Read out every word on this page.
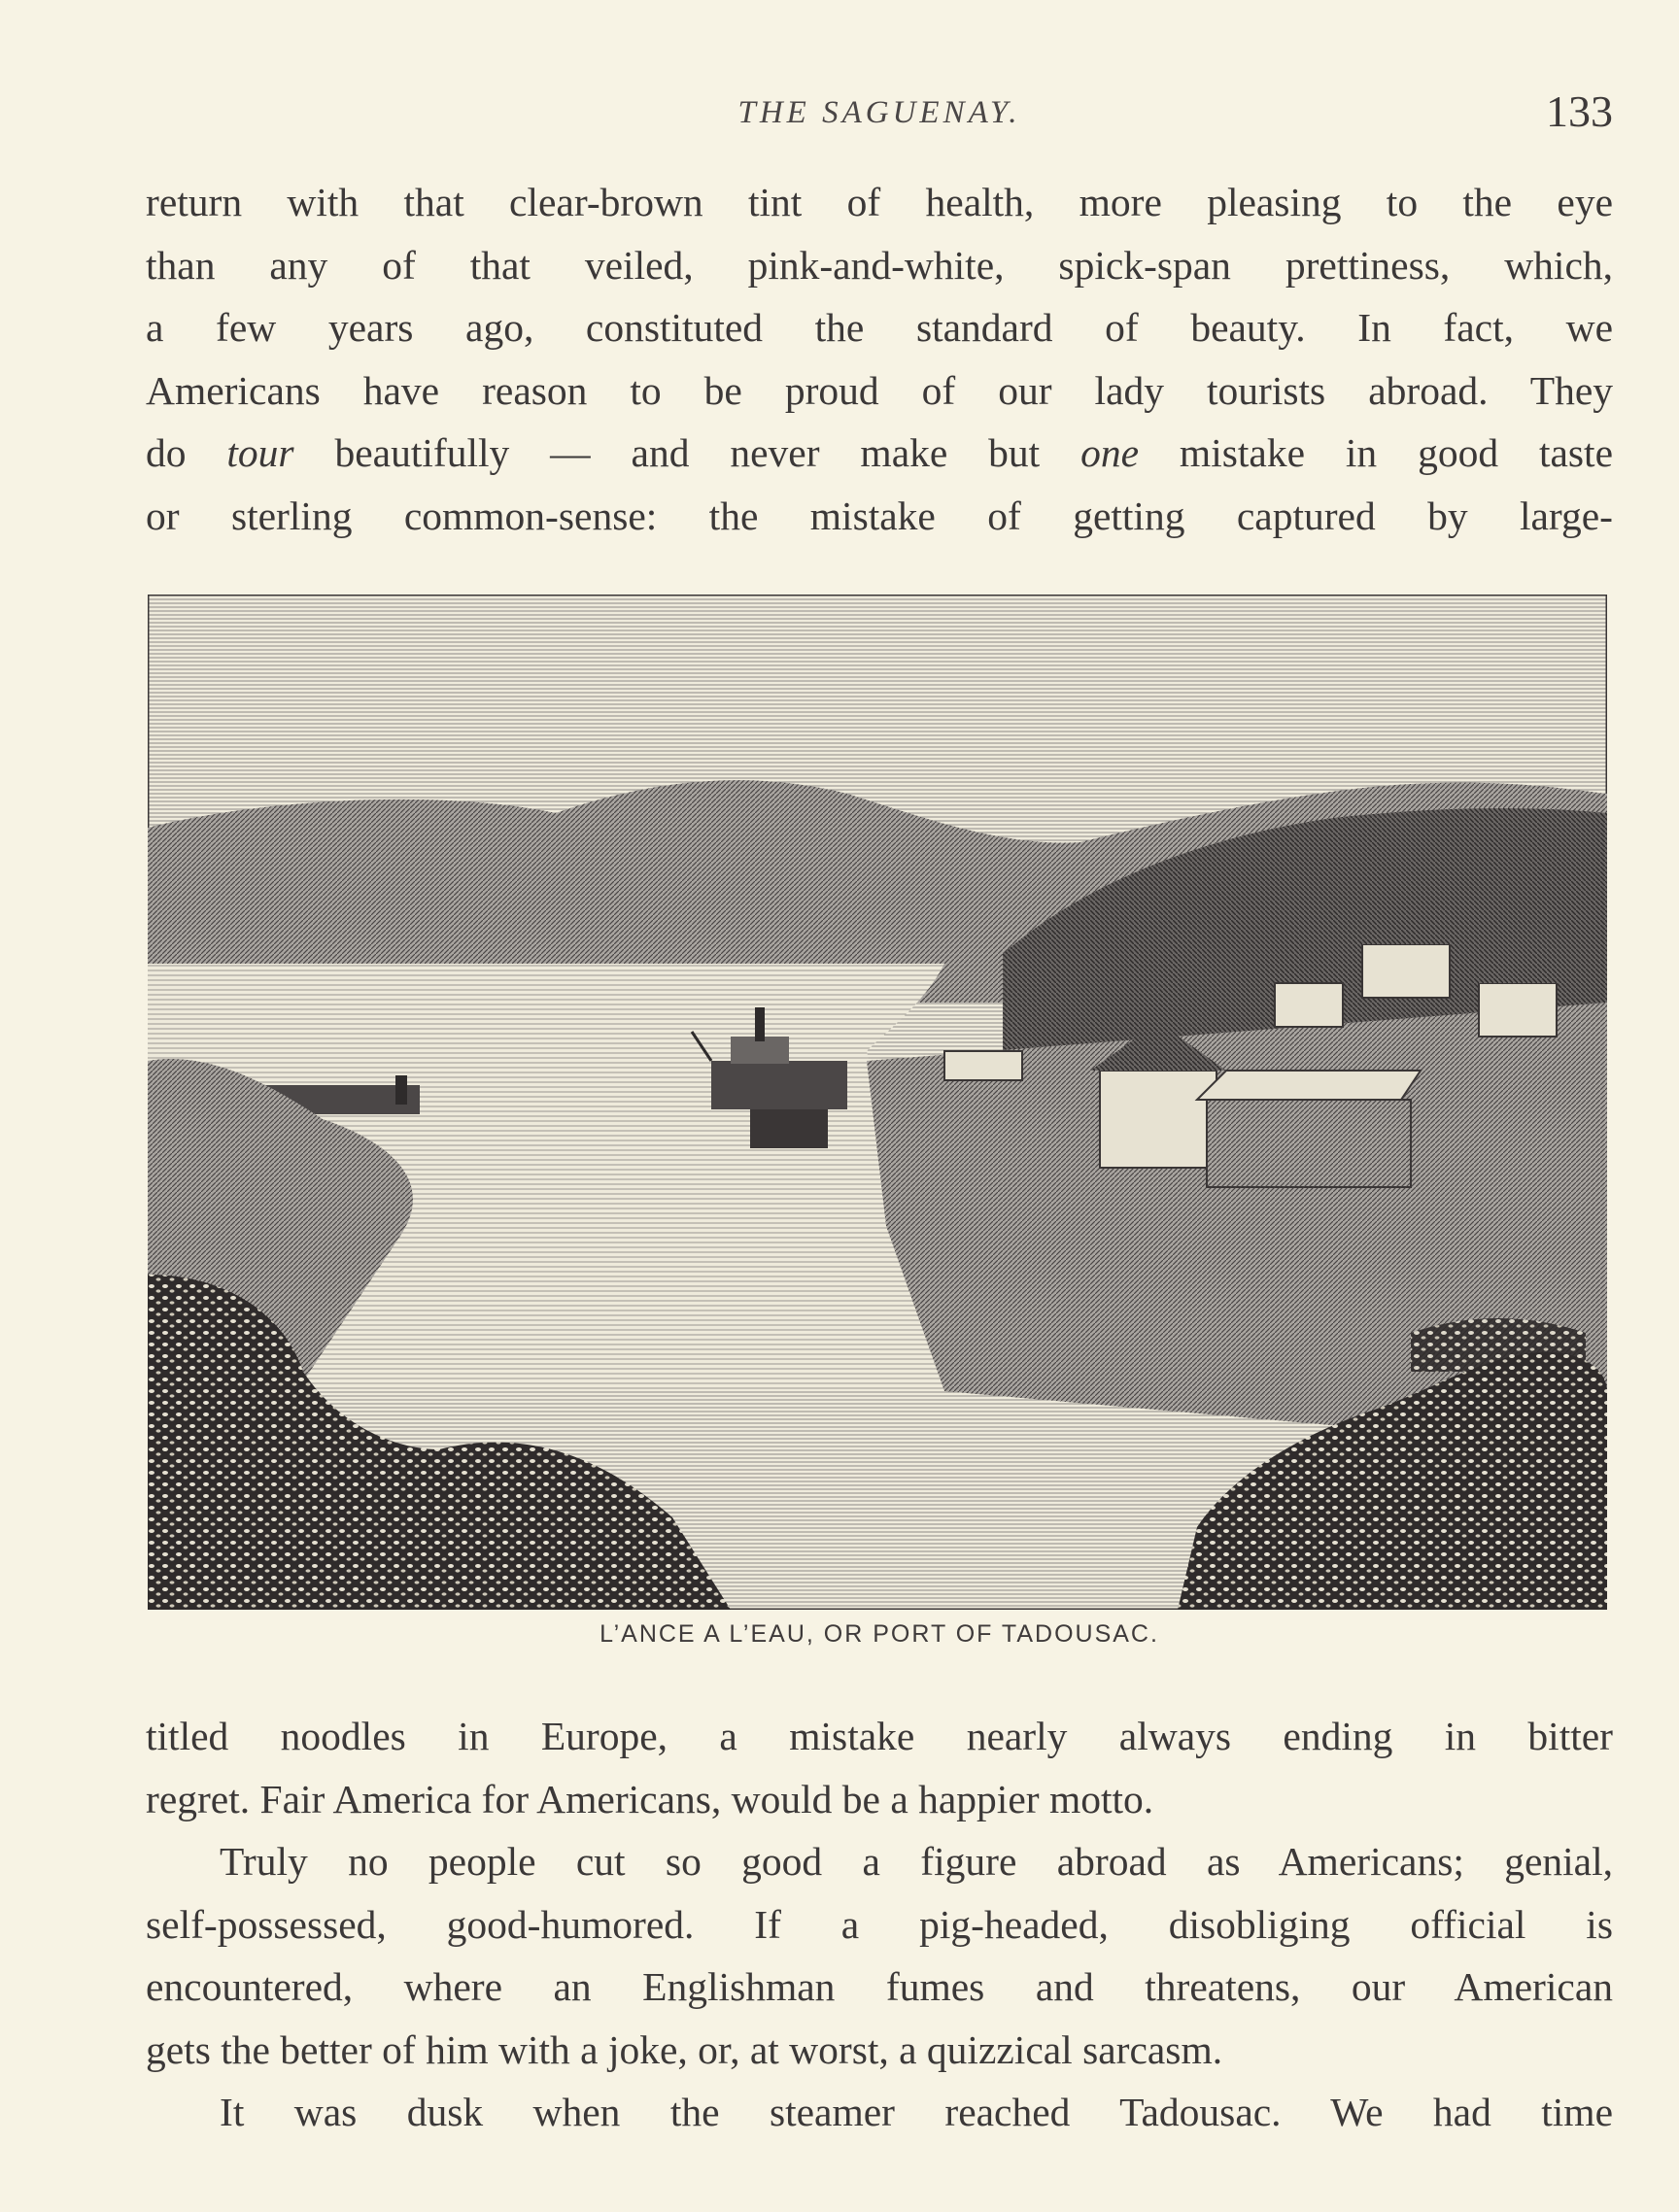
THE SAGUENAY.	133
return with that clear-brown tint of health, more pleasing to the eye
than any of that veiled, pink-and-white, spick-span prettiness, which,
a few years ago, constituted the standard of beauty. In fact, we
Americans have reason to be proud of our lady tourists abroad. They
do tour beautifully — and never make but one mistake in good taste
or sterling common-sense: the mistake of getting captured by large-
L’ANCE A L’EAU, OR PORT OF TADOUSAC.
titled noodles in Europe, a mistake nearly always ending in bitter
regret. Fair America for Americans, would be a happier motto.
Truly no people cut so good a figure abroad as Americans; genial,
self-possessed, good-humored. If a pig-headed, disobliging official is
encountered, where an Englishman fumes and threatens, our American
gets the better of him with a joke, or, at worst, a quizzical sarcasm.
It was dusk when the steamer reached Tadousac. We had time
